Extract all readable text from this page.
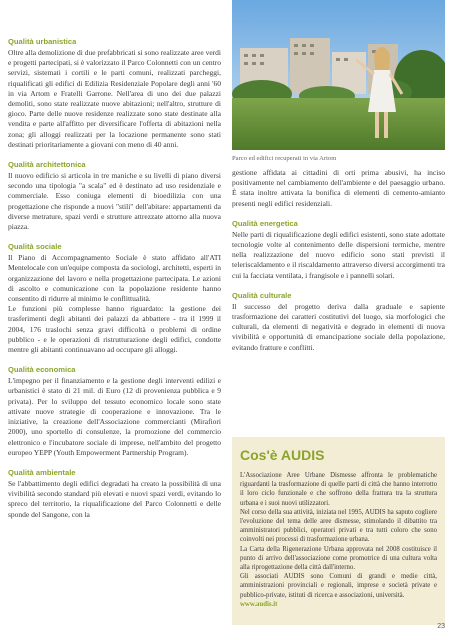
Qualità urbanistica

Oltre alla demolizione di due prefabbricati si sono realizzate aree verdi e progetti partecipati, si è valorizzato il Parco Colonnetti con un centro servizi, sistemati i cortili e le parti comuni, realizzati parcheggi, riqualificati gli edifici di Edilizia Residenziale Popolare degli anni '60 in via Artom e Fratelli Garrone. Nell'area di uno dei due palazzi demoliti, sono state realizzate nuove abitazioni; nell'altro, strutture di gioco. Parte delle nuove residenze realizzate sono state destinate alla vendita e parte all'affitto per diversificare l'offerta di abitazioni nella zona; gli alloggi realizzati per la locazione permanente sono stati destinati prioritariamente a giovani con meno di 40 anni.

Qualità architettonica

Il nuovo edificio si articola in tre maniche e su livelli di piano diversi secondo una tipologia "a scala" ed è destinato ad uso residenziale e commerciale. Esso coniuga elementi di bioedilizia con una progettazione che risponde a nuovi "stili" dell'abitare: appartamenti da diverse metrature, spazi verdi e strutture attrezzate attorno alla nuova piazza.

Qualità sociale

Il Piano di Accompagnamento Sociale è stato affidato all'ATI Mentelocale con un'equipe composta da sociologi, architetti, esperti in organizzazione del lavoro e nella progettazione partecipata. Le azioni di ascolto e comunicazione con la popolazione residente hanno consentito di ridurre al minimo le conflittualità.

Le funzioni più complesse hanno riguardato: la gestione dei trasferimenti degli abitanti dei palazzi da abbattere - tra il 1999 il 2004, 176 traslochi senza gravi difficoltà o problemi di ordine pubblico - e le operazioni di ristrutturazione degli edifici, condotte mentre gli abitanti continuavano ad occupare gli alloggi.

Qualità economica

L'impegno per il finanziamento e la gestione degli interventi edilizi e urbanistici è stato di 21 mil. di Euro (12 di provenienza pubblica e 9 privata). Per lo sviluppo del tessuto economico locale sono state attivate nuove strategie di cooperazione e innovazione. Tra le iniziative, la creazione dell'Associazione commercianti (Mirafiori 2000), uno sportello di consulenze, la promozione del commercio elettronico e l'incubatore sociale di imprese, nell'ambito del progetto europeo YEPP (Youth Empowerment Partnership Program).

Qualità ambientale

Se l'abbattimento degli edifici degradati ha creato la possibilità di una vivibilità secondo standard più elevati e nuovi spazi verdi, evitando lo spreco del territorio, la riqualificazione del Parco Colonnetti e delle sponde del Sangone, con la

Parco ed edifici recuperati in via Artom

gestione affidata ai cittadini di orti prima abusivi, ha inciso positivamente nel cambiamento dell'ambiente e del paesaggio urbano. È stata inoltre attivata la bonifica di elementi di cemento-amianto presenti negli edifici residenziali.

Qualità energetica

Nelle parti di riqualificazione degli edifici esistenti, sono state adottate tecnologie volte al contenimento delle dispersioni termiche, mentre nella realizzazione del nuovo edificio sono stati previsti il teleriscaldamento e il riscaldamento attraverso diversi accorgimenti tra cui la facciata ventilata, i frangisole e i pannelli solari.

Qualità culturale

Il successo del progetto deriva dalla graduale e sapiente trasformazione dei caratteri costitutivi del luogo, sia morfologici che culturali, da elementi di negatività e degrado in elementi di nuova vivibilità e opportunità di emancipazione sociale della popolazione, evitando fratture e conflitti.

Cos'è AUDIS
L'Associazione Aree Urbane Dismesse affronta le problematiche riguardanti la trasformazione di quelle parti di città che hanno interrotto il loro ciclo funzionale e che soffrono della frattura tra la struttura urbana e i suoi nuovi utilizzatori.
Nel corso della sua attività, iniziata nel 1995, AUDIS ha saputo cogliere l'evoluzione del tema delle aree dismesse, stimolando il dibattito tra amministratori pubblici, operatori privati e tra tutti coloro che sono coinvolti nei processi di trasformazione urbana.
La Carta della Rigenerazione Urbana approvata nel 2008 costituisce il punto di arrivo dell'associazione come promotrice di una cultura volta alla riprogettazione della città dall'interno.
Gli associati AUDIS sono Comuni di grandi e medie città, amministrazioni provinciali e regionali, imprese e società private e pubblico-private, istituti di ricerca e associazioni, università.
www.audis.it
23
